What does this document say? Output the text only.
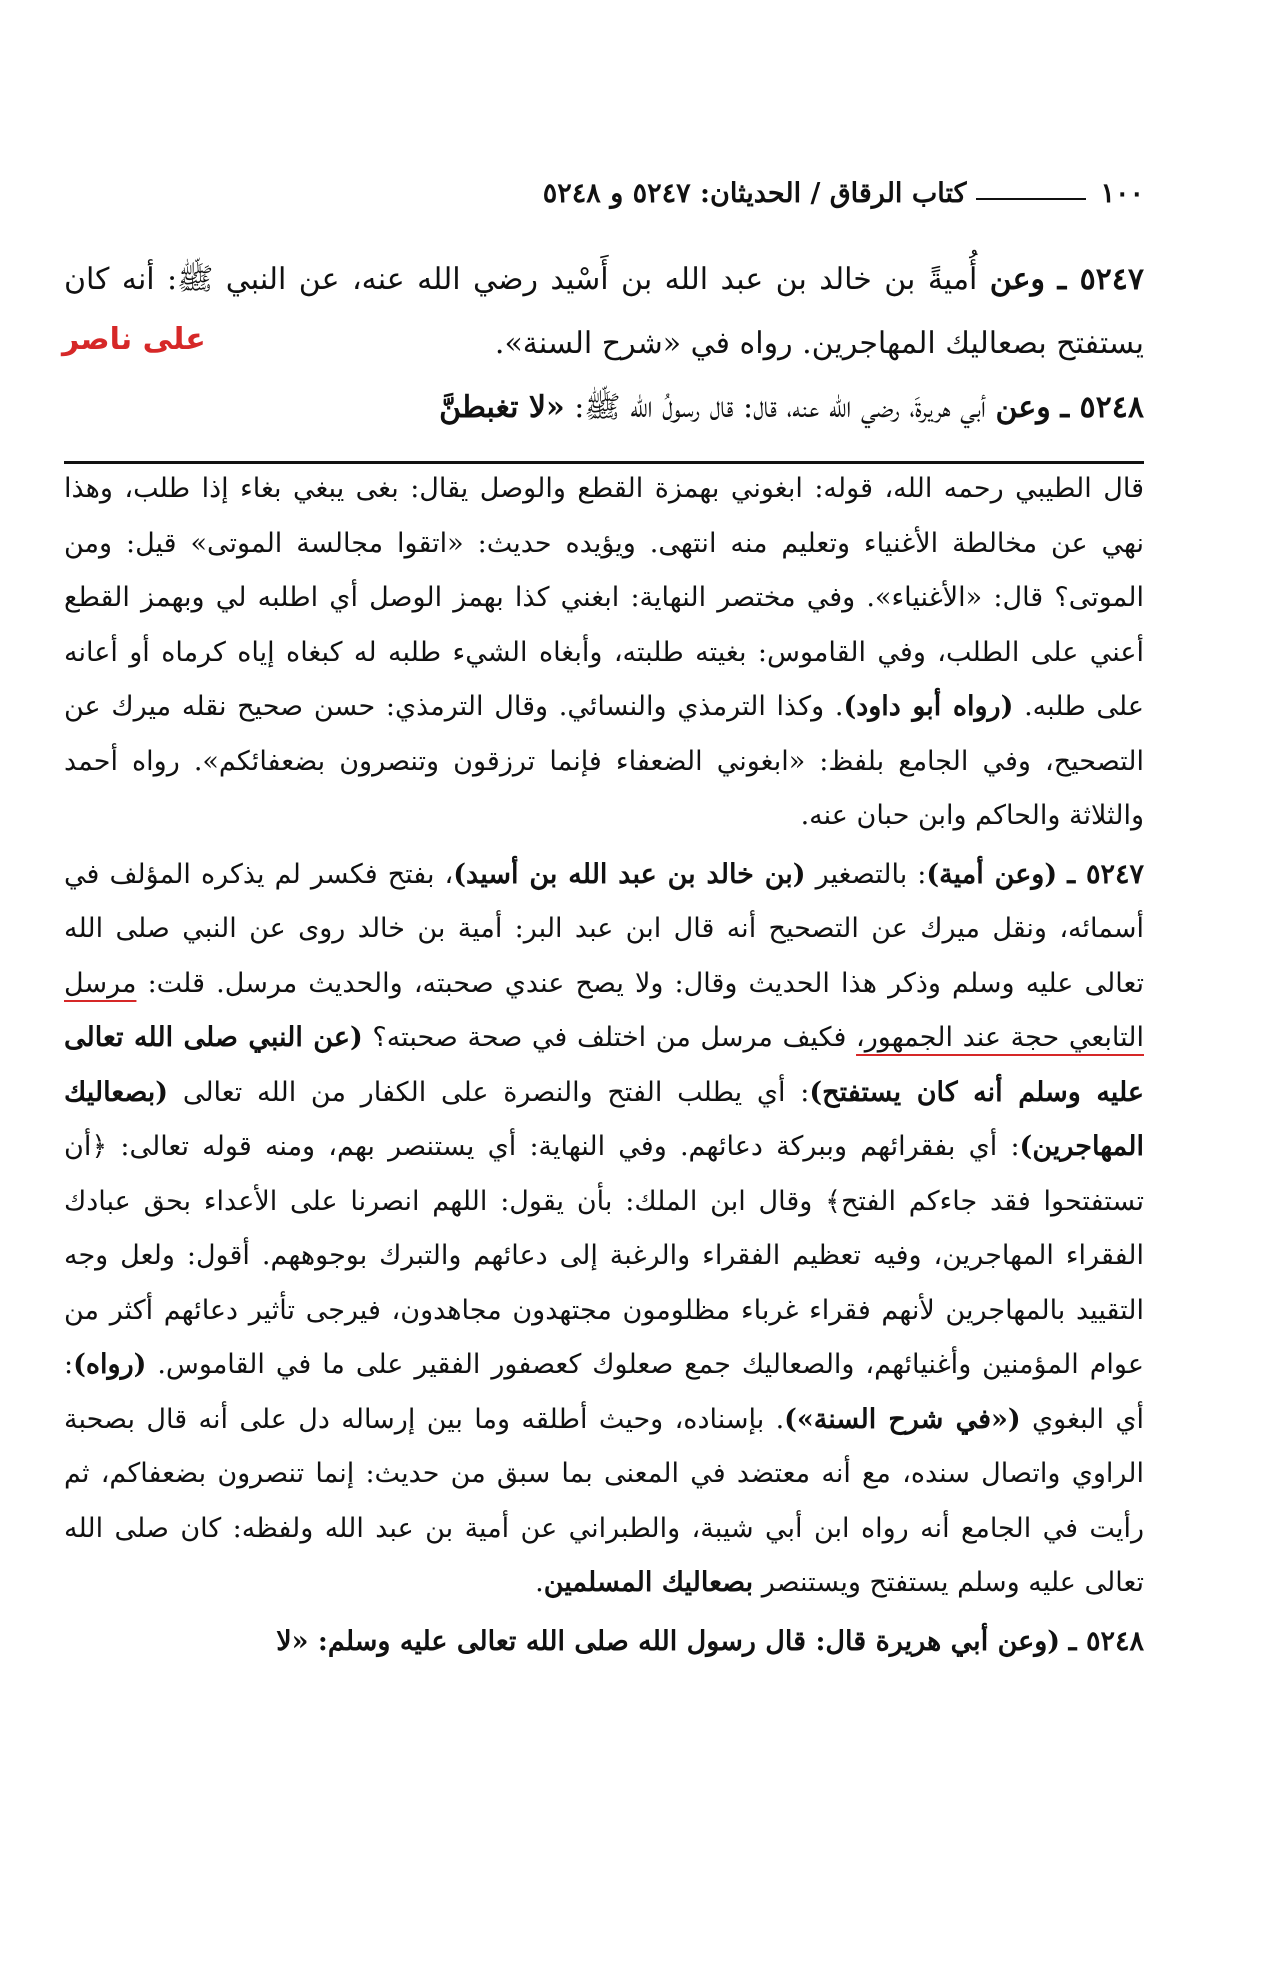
١٠٠
كتاب الرقاق / الحديثان: ٥٢٤٧ و ٥٢٤٨

٥٢٤٧ ـ وعن أُميةً بن خالد بن عبد الله بن أَسْيد رضي الله عنه، عن النبي ﷺ: أنه كان يستفتح بصعاليك المهاجرين. رواه في «شرح السنة».

٥٢٤٨ ـ وعن أبي هريرةَ، رضي الله عنه، قال: قال رسولُ الله ﷺ: «لا تغبطنَّ

على ناصر

قال الطيبي رحمه الله، قوله: ابغوني بهمزة القطع والوصل يقال: بغى يبغي بغاء إذا طلب، وهذا نهي عن مخالطة الأغنياء وتعليم منه انتهى. ويؤيده حديث: «اتقوا مجالسة الموتى» قيل: ومن الموتى؟ قال: «الأغنياء». وفي مختصر النهاية: ابغني كذا بهمز الوصل أي اطلبه لي وبهمز القطع أعني على الطلب، وفي القاموس: بغيته طلبته، وأبغاه الشيء طلبه له كبغاه إياه كرماه أو أعانه على طلبه. (رواه أبو داود). وكذا الترمذي والنسائي. وقال الترمذي: حسن صحيح نقله ميرك عن التصحيح، وفي الجامع بلفظ: «ابغوني الضعفاء فإنما ترزقون وتنصرون بضعفائكم». رواه أحمد والثلاثة والحاكم وابن حبان عنه.

٥٢٤٧ ـ (وعن أمية): بالتصغير (بن خالد بن عبد الله بن أسيد)، بفتح فكسر لم يذكره المؤلف في أسمائه، ونقل ميرك عن التصحيح أنه قال ابن عبد البر: أمية بن خالد روى عن النبي صلى الله تعالى عليه وسلم وذكر هذا الحديث وقال: ولا يصح عندي صحبته، والحديث مرسل. قلت: مرسل التابعي حجة عند الجمهور، فكيف مرسل من اختلف في صحة صحبته؟ (عن النبي صلى الله تعالى عليه وسلم أنه كان يستفتح): أي يطلب الفتح والنصرة على الكفار من الله تعالى (بصعاليك المهاجرين): أي بفقرائهم وببركة دعائهم. وفي النهاية: أي يستنصر بهم، ومنه قوله تعالى: ﴿أن تستفتحوا فقد جاءكم الفتح﴾ وقال ابن الملك: بأن يقول: اللهم انصرنا على الأعداء بحق عبادك الفقراء المهاجرين، وفيه تعظيم الفقراء والرغبة إلى دعائهم والتبرك بوجوههم. أقول: ولعل وجه التقييد بالمهاجرين لأنهم فقراء غرباء مظلومون مجتهدون مجاهدون، فيرجى تأثير دعائهم أكثر من عوام المؤمنين وأغنيائهم، والصعاليك جمع صعلوك كعصفور الفقير على ما في القاموس. (رواه): أي البغوي («في شرح السنة»). بإسناده، وحيث أطلقه وما بين إرساله دل على أنه قال بصحبة الراوي واتصال سنده، مع أنه معتضد في المعنى بما سبق من حديث: إنما تنصرون بضعفاكم، ثم رأيت في الجامع أنه رواه ابن أبي شيبة، والطبراني عن أمية بن عبد الله ولفظه: كان صلى الله تعالى عليه وسلم يستفتح ويستنصر بصعاليك المسلمين.

٥٢٤٨ ـ (وعن أبي هريرة قال: قال رسول الله صلى الله تعالى عليه وسلم: «لا
